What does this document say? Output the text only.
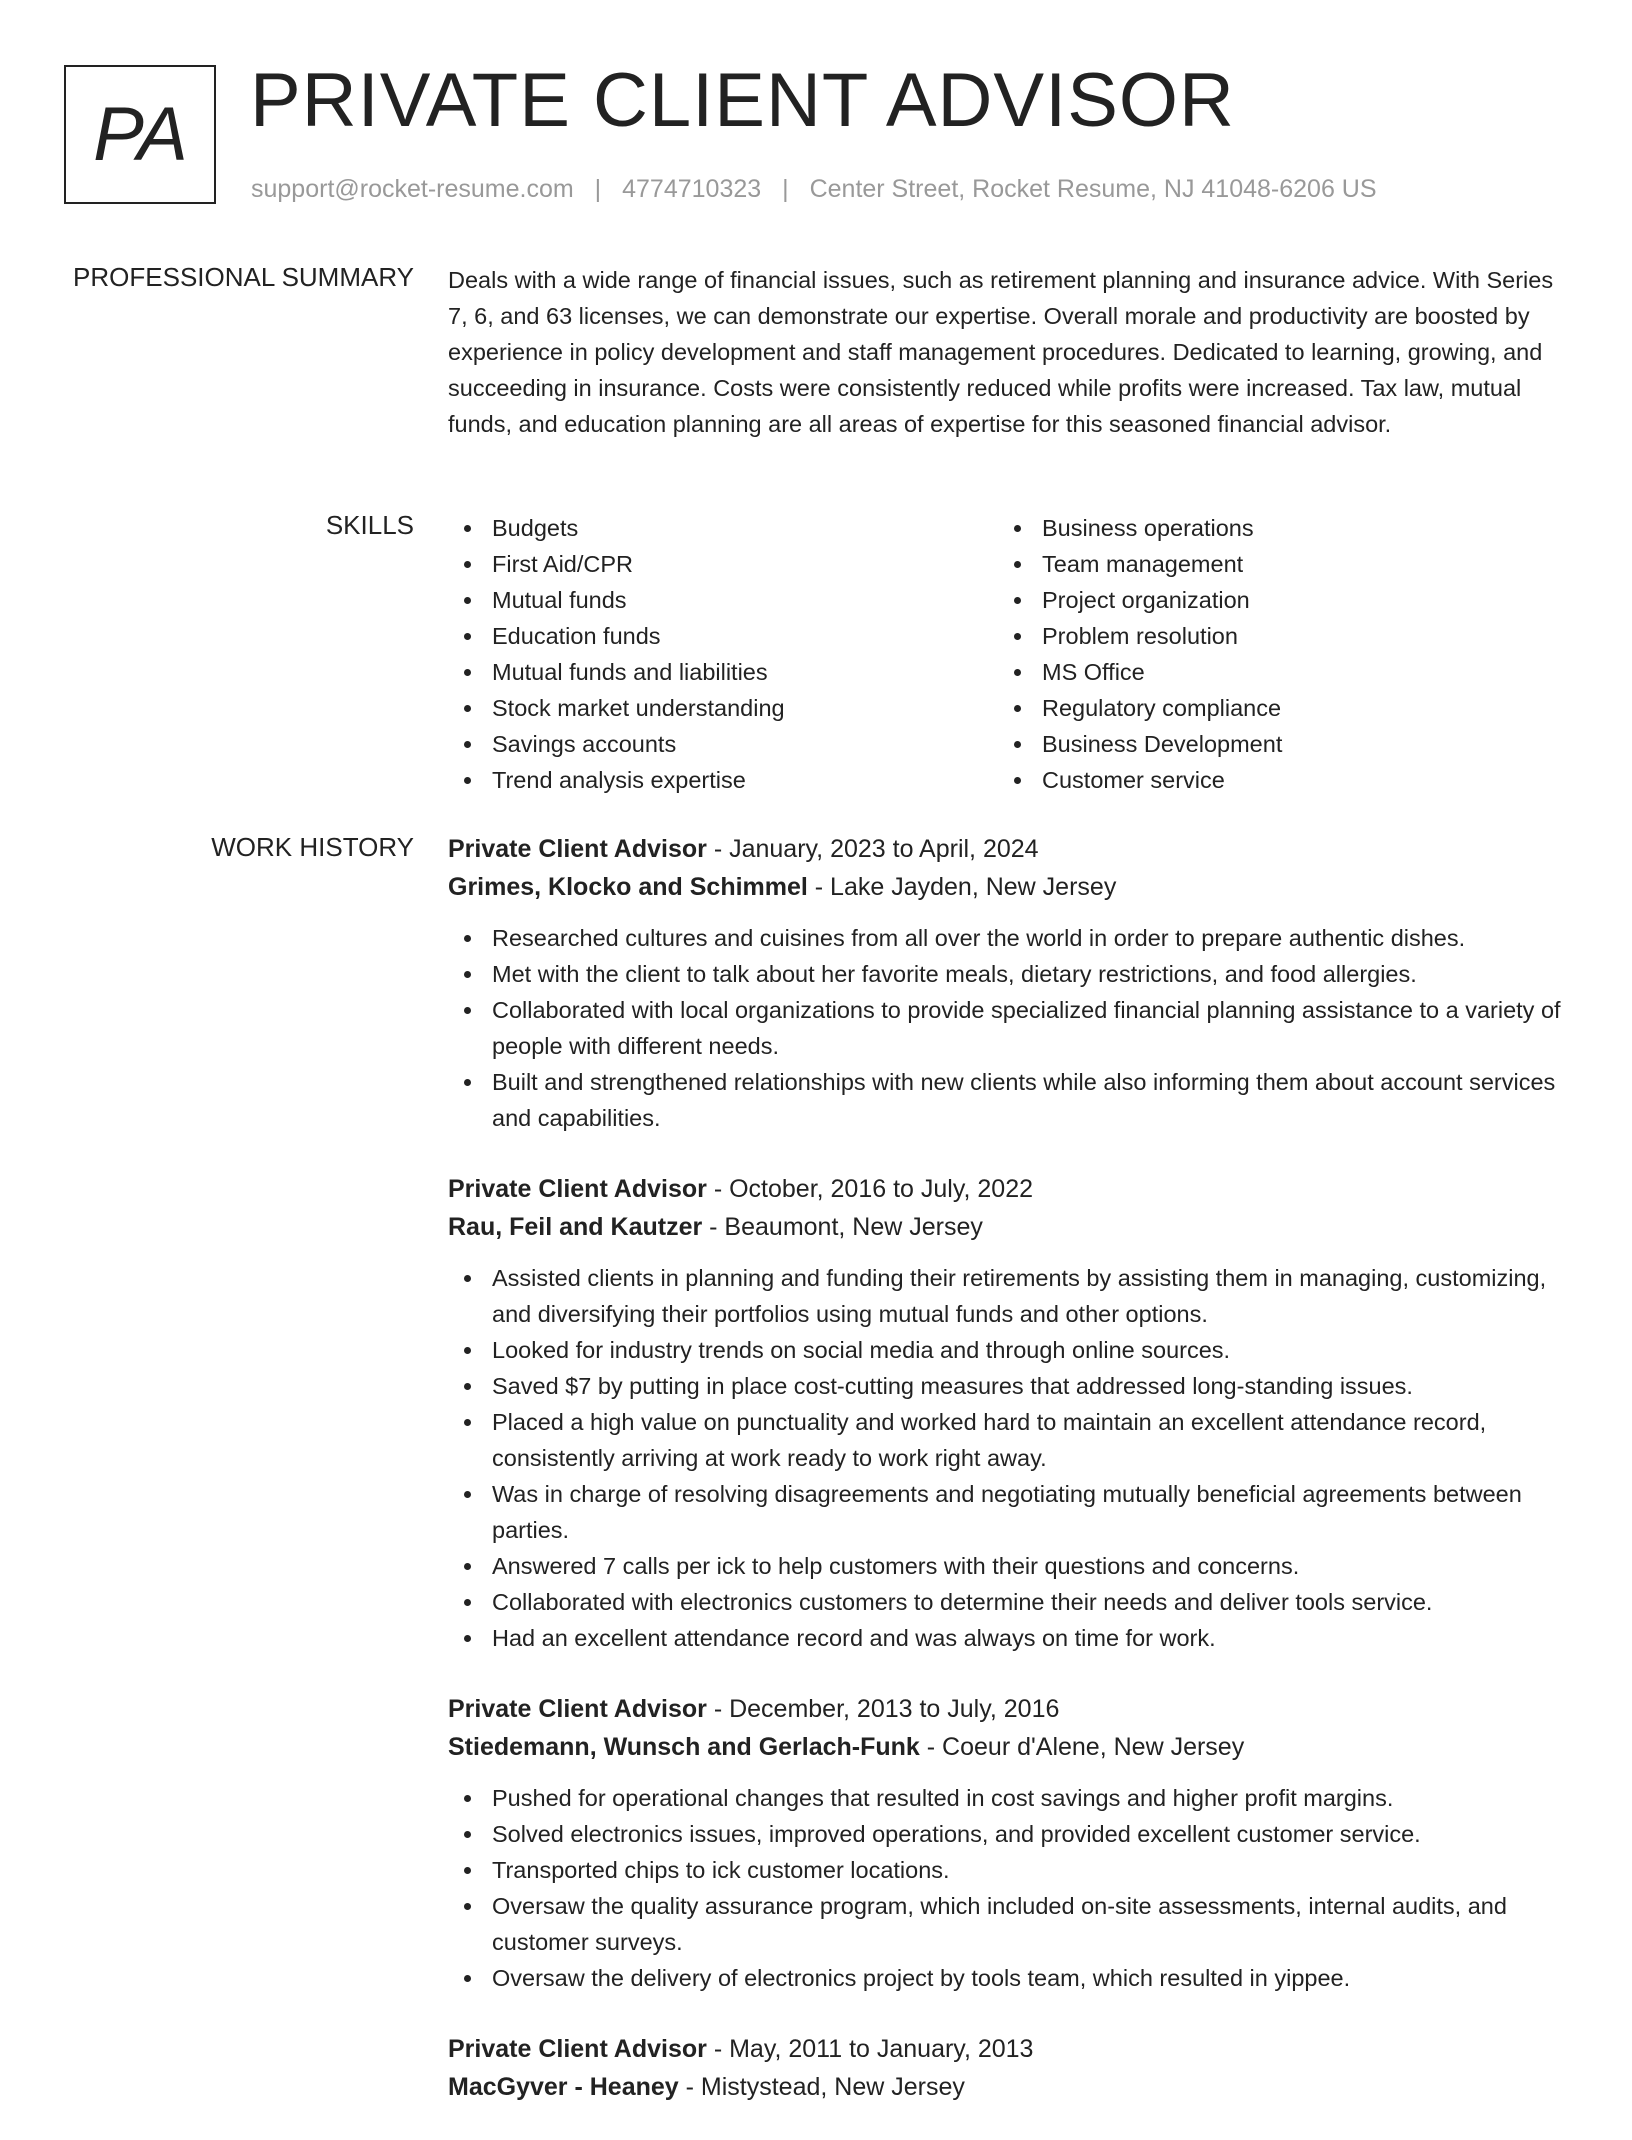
PA PRIVATE CLIENT ADVISOR
support@rocket-resume.com | 4774710323 | Center Street, Rocket Resume, NJ 41048-6206 US
PROFESSIONAL SUMMARY Deals with a wide range of financial issues, such as retirement planning and insurance advice. With Series 7, 6, and 63 licenses, we can demonstrate our expertise. Overall morale and productivity are boosted by experience in policy development and staff management procedures. Dedicated to learning, growing, and succeeding in insurance. Costs were consistently reduced while profits were increased. Tax law, mutual funds, and education planning are all areas of expertise for this seasoned financial advisor.

SKILLS	Budgets
First Aid/CPR
Mutual funds
Education funds
Mutual funds and liabilities
Stock market understanding
Savings accounts
Trend analysis expertise
Business operations
Team management
Project organization
Problem resolution
MS Office
Regulatory compliance
Business Development
Customer service
WORK HISTORY Private Client Advisor - January, 2023 to April, 2024
Grimes, Klocko and Schimmel - Lake Jayden, New Jersey
Researched cultures and cuisines from all over the world in order to prepare authentic dishes.
Met with the client to talk about her favorite meals, dietary restrictions, and food allergies.
Collaborated with local organizations to provide specialized financial planning assistance to a variety of people with different needs.
Built and strengthened relationships with new clients while also informing them about account services and capabilities.
Private Client Advisor - October, 2016 to July, 2022
Rau, Feil and Kautzer - Beaumont, New Jersey
Assisted clients in planning and funding their retirements by assisting them in managing, customizing, and diversifying their portfolios using mutual funds and other options.
Looked for industry trends on social media and through online sources.
Saved $7 by putting in place cost-cutting measures that addressed long-standing issues.
Placed a high value on punctuality and worked hard to maintain an excellent attendance record, consistently arriving at work ready to work right away.
Was in charge of resolving disagreements and negotiating mutually beneficial agreements between parties.
Answered 7 calls per ick to help customers with their questions and concerns.
Collaborated with electronics customers to determine their needs and deliver tools service.
Had an excellent attendance record and was always on time for work.
Private Client Advisor - December, 2013 to July, 2016
Stiedemann, Wunsch and Gerlach-Funk - Coeur d'Alene, New Jersey
Pushed for operational changes that resulted in cost savings and higher profit margins.
Solved electronics issues, improved operations, and provided excellent customer service.
Transported chips to ick customer locations.
Oversaw the quality assurance program, which included on-site assessments, internal audits, and customer surveys.
Oversaw the delivery of electronics project by tools team, which resulted in yippee.
Private Client Advisor - May, 2011 to January, 2013
MacGyver - Heaney - Mistystead, New Jersey
